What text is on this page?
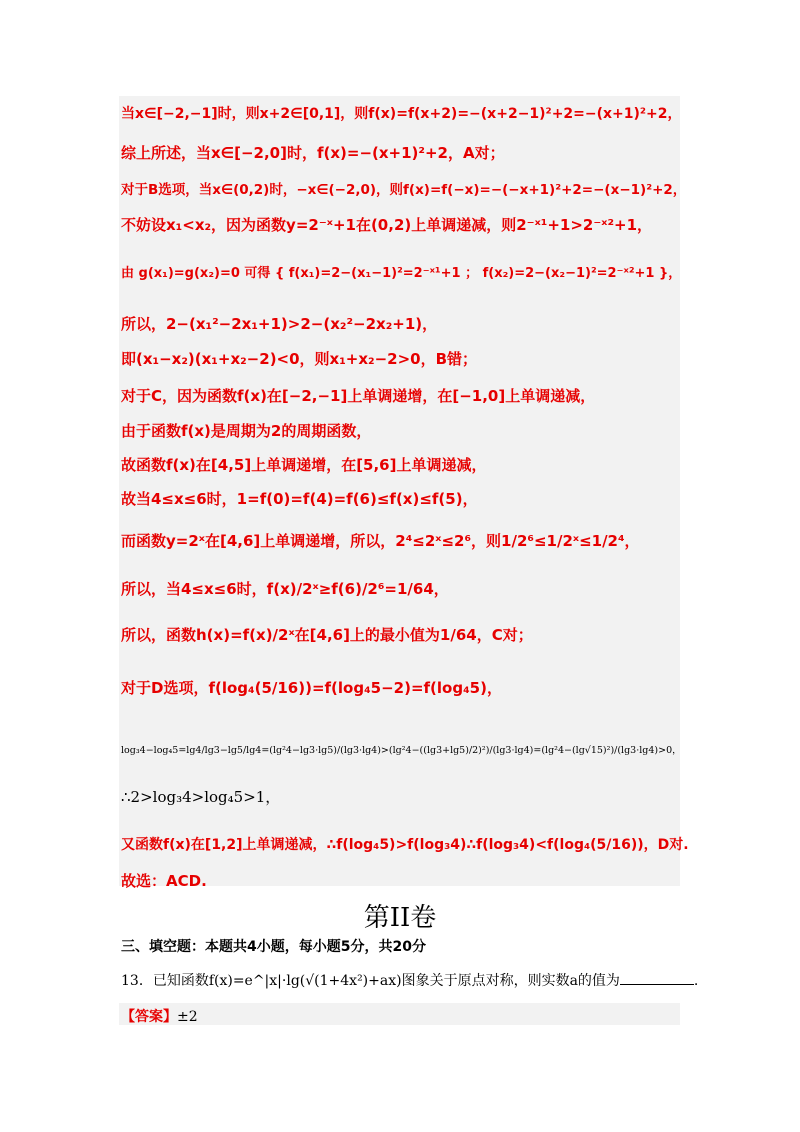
当x∈[−2,−1]时，则x+2∈[0,1]，则f(x)=f(x+2)=−(x+2−1)²+2=−(x+1)²+2，
综上所述，当x∈[−2,0]时，f(x)=−(x+1)²+2，A对；
对于B选项，当x∈(0,2)时，−x∈(−2,0)，则f(x)=f(−x)=−(−x+1)²+2=−(x−1)²+2，
不妨设x₁<x₂，因为函数y=2⁻ˣ+1在(0,2)上单调递减，则2⁻ˣ¹+1>2⁻ˣ²+1，
由 g(x₁)=g(x₂)=0 可得 { f(x₁)=2−(x₁−1)²=2⁻ˣ¹+1 ； f(x₂)=2−(x₂−1)²=2⁻ˣ²+1 }，
所以，2−(x₁²−2x₁+1)>2−(x₂²−2x₂+1)，
即(x₁−x₂)(x₁+x₂−2)<0，则x₁+x₂−2>0，B错；
对于C，因为函数f(x)在[−2,−1]上单调递增，在[−1,0]上单调递减，
由于函数f(x)是周期为2的周期函数，
故函数f(x)在[4,5]上单调递增，在[5,6]上单调递减，
故当4≤x≤6时，1=f(0)=f(4)=f(6)≤f(x)≤f(5)，
而函数y=2ˣ在[4,6]上单调递增，所以，2⁴≤2ˣ≤2⁶，则1/2⁶≤1/2ˣ≤1/2⁴，
所以，当4≤x≤6时，f(x)/2ˣ≥f(6)/2⁶=1/64，
所以，函数h(x)=f(x)/2ˣ在[4,6]上的最小值为1/64，C对；
对于D选项，f(log₄(5/16))=f(log₄5−2)=f(log₄5)，
log₃4−log₄5=lg4/lg3−lg5/lg4=(lg²4−lg3·lg5)/(lg3·lg4)>(lg²4−((lg3+lg5)/2)²)/(lg3·lg4)=(lg²4−(lg√15)²)/(lg3·lg4)>0，
∴2>log₃4>log₄5>1，
又函数f(x)在[1,2]上单调递减，∴f(log₄5)>f(log₃4)∴f(log₃4)<f(log₄(5/16))，D对.
故选：ACD.
第II卷
三、填空题：本题共4小题，每小题5分，共20分
13．已知函数f(x)=e^|x|·lg(√(1+4x²)+ax)图象关于原点对称，则实数a的值为	.
【答案】±2
